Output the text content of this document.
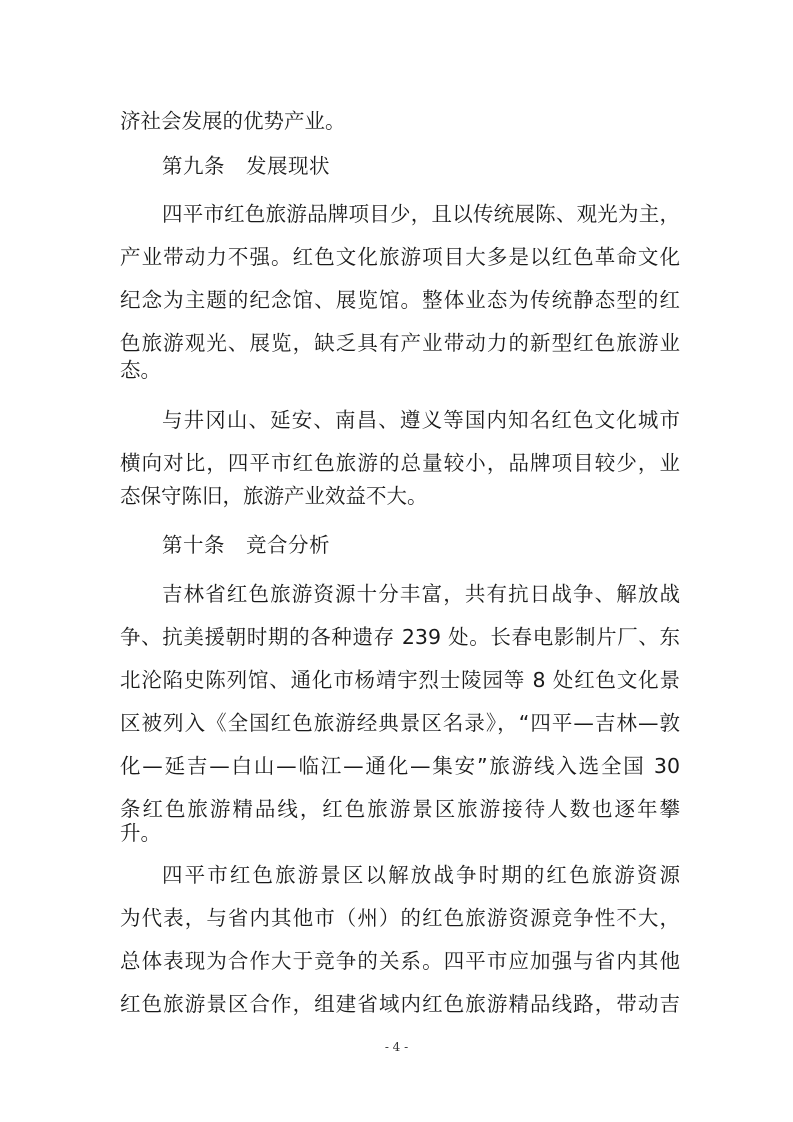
济社会发展的优势产业。
第九条　发展现状
四平市红色旅游品牌项目少，且以传统展陈、观光为主，
产业带动力不强。红色文化旅游项目大多是以红色革命文化
纪念为主题的纪念馆、展览馆。整体业态为传统静态型的红
色旅游观光、展览，缺乏具有产业带动力的新型红色旅游业
态。
与井冈山、延安、南昌、遵义等国内知名红色文化城市
横向对比，四平市红色旅游的总量较小，品牌项目较少，业
态保守陈旧，旅游产业效益不大。
第十条　竞合分析
吉林省红色旅游资源十分丰富，共有抗日战争、解放战
争、抗美援朝时期的各种遗存 239 处。长春电影制片厂、东
北沦陷史陈列馆、通化市杨靖宇烈士陵园等 8 处红色文化景
区被列入《全国红色旅游经典景区名录》，“四平—吉林—敦
化—延吉—白山—临江—通化—集安”旅游线入选全国 30
条红色旅游精品线，红色旅游景区旅游接待人数也逐年攀
升。
四平市红色旅游景区以解放战争时期的红色旅游资源
为代表，与省内其他市（州）的红色旅游资源竞争性不大，
总体表现为合作大于竞争的关系。四平市应加强与省内其他
红色旅游景区合作，组建省域内红色旅游精品线路，带动吉
- 4 -
